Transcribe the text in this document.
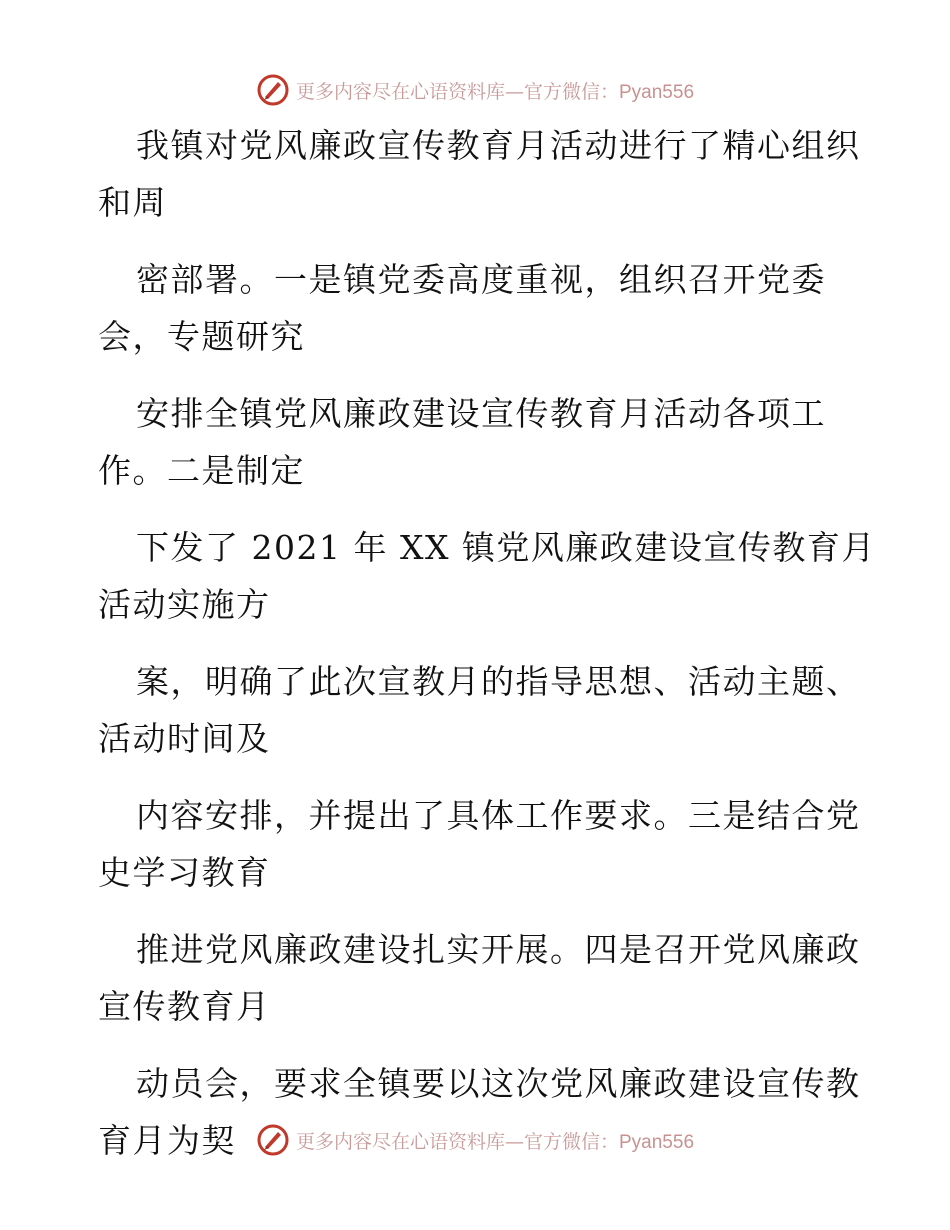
更多内容尽在心语资料库—官方微信：Pyan556

我镇对党风廉政宣传教育月活动进行了精心组织
和周

密部署。一是镇党委高度重视，组织召开党委
会，专题研究

安排全镇党风廉政建设宣传教育月活动各项工
作。二是制定

下发了 2021 年 XX 镇党风廉政建设宣传教育月
活动实施方

案，明确了此次宣教月的指导思想、活动主题、
活动时间及

内容安排，并提出了具体工作要求。三是结合党
史学习教育

推进党风廉政建设扎实开展。四是召开党风廉政
宣传教育月

动员会，要求全镇要以这次党风廉政建设宣传教
育月为契	更多内容尽在心语资料库—官方微信：Pyan556
